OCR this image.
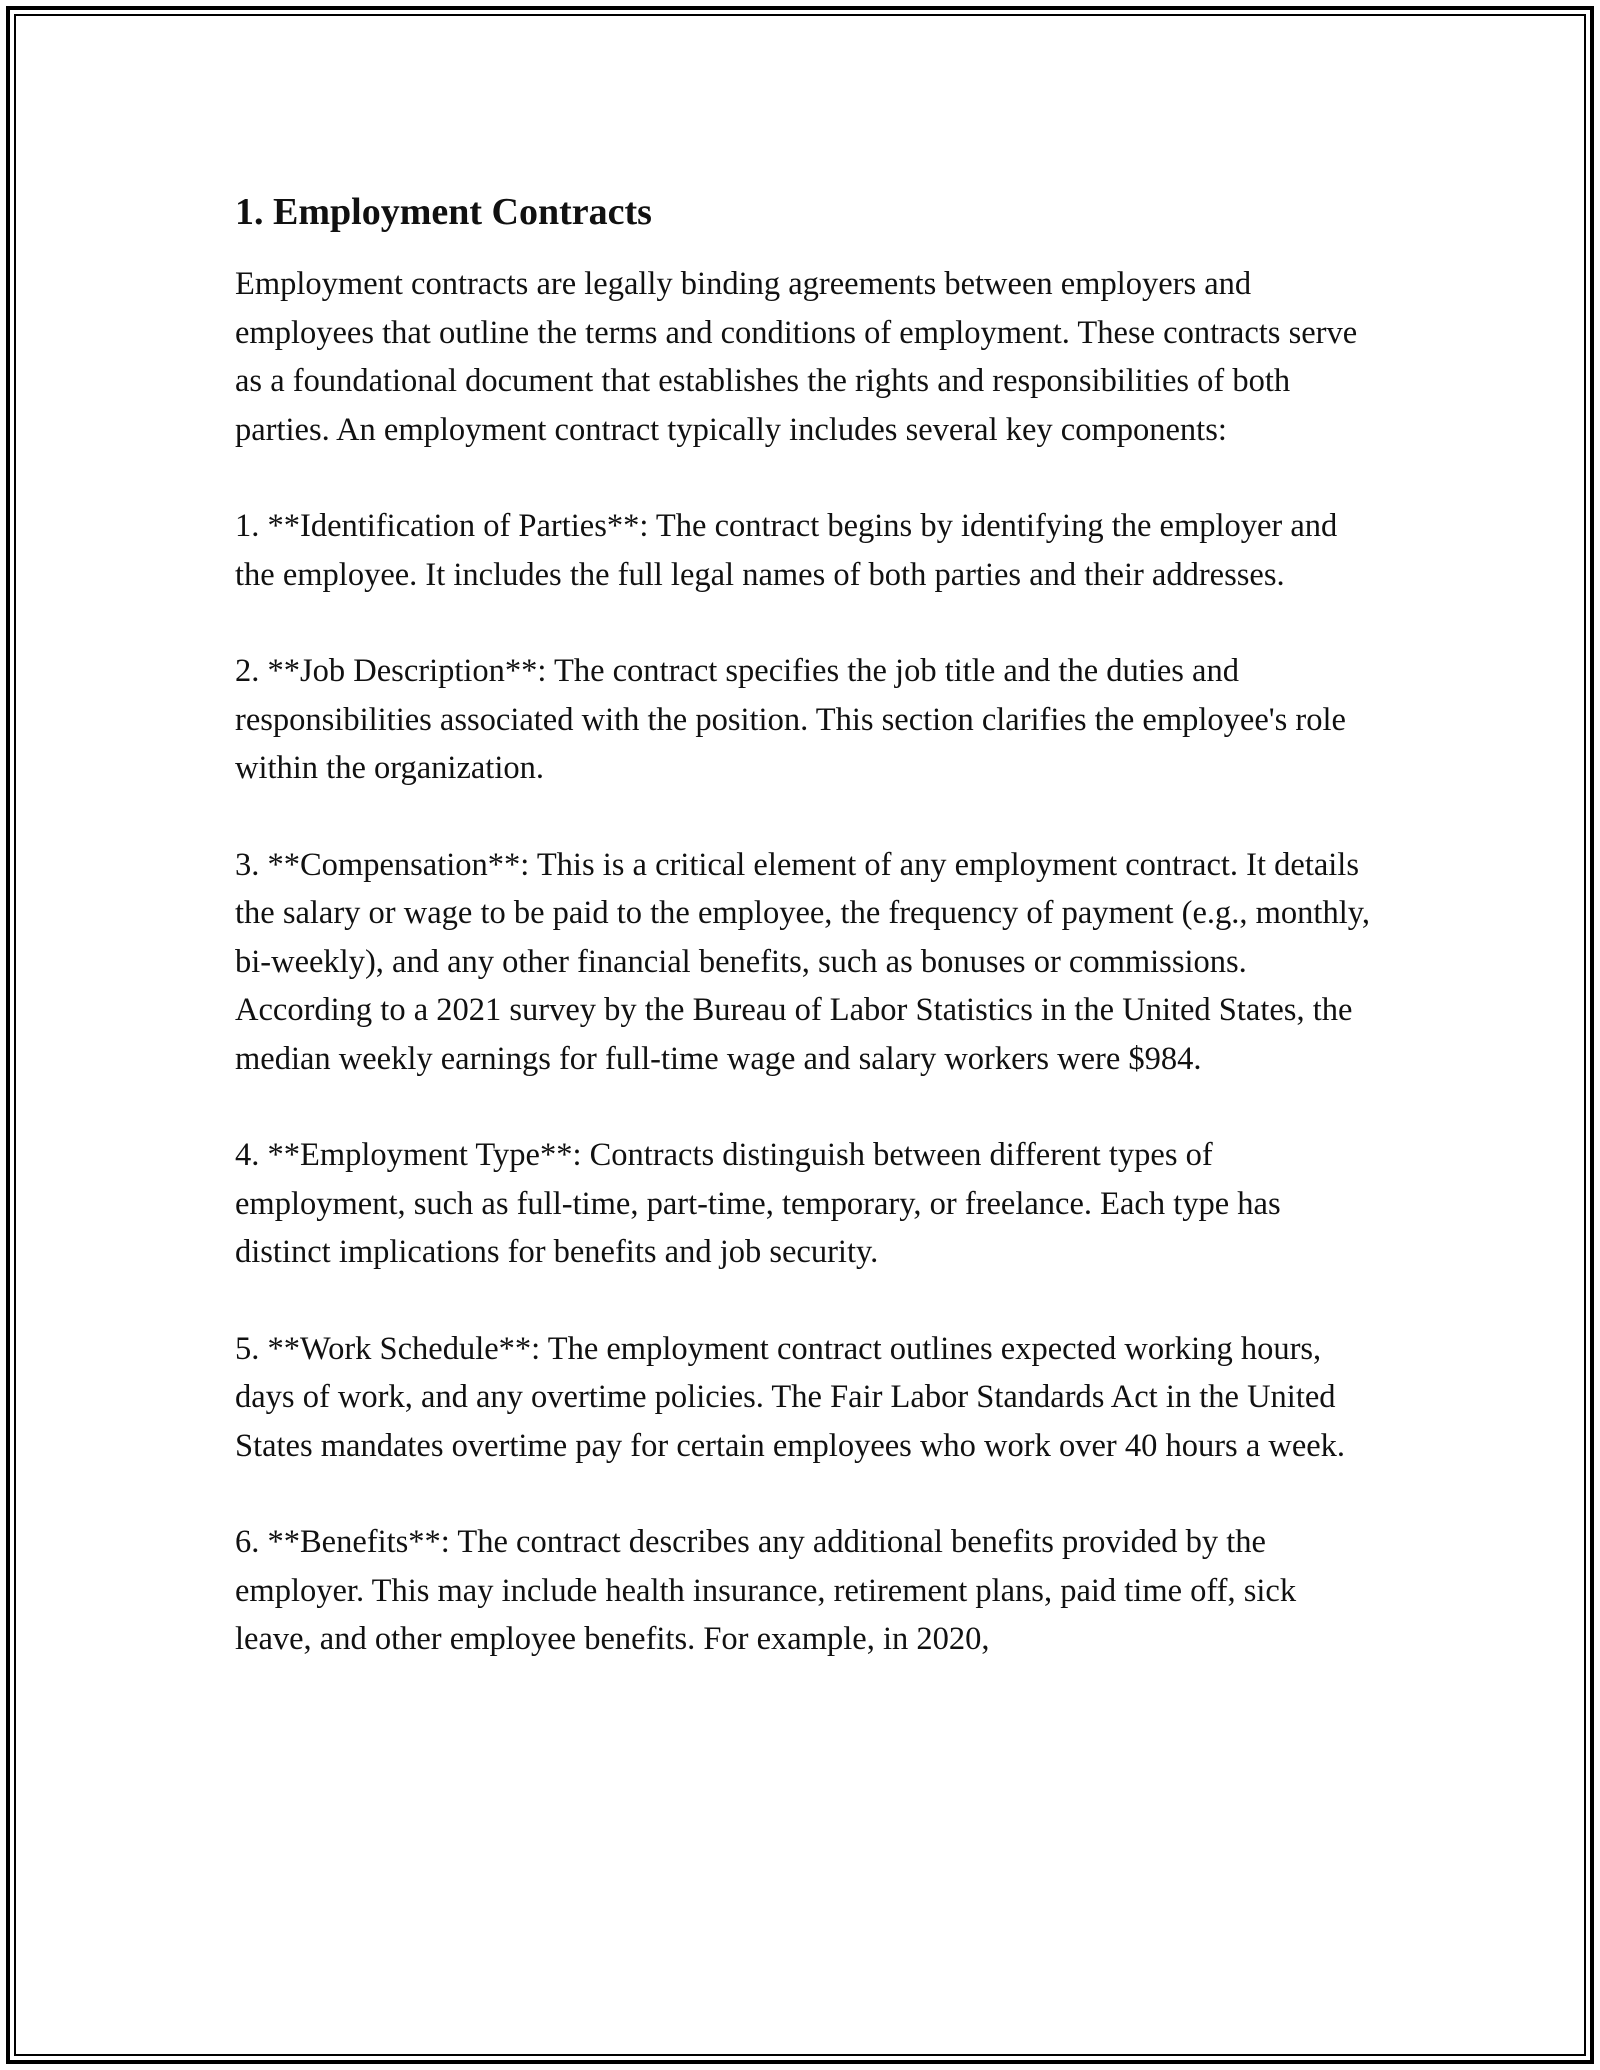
1. Employment Contracts

Employment contracts are legally binding agreements between employers and employees that outline the terms and conditions of employment. These contracts serve as a foundational document that establishes the rights and responsibilities of both parties. An employment contract typically includes several key components:

1. **Identification of Parties**: The contract begins by identifying the employer and the employee. It includes the full legal names of both parties and their addresses.

2. **Job Description**: The contract specifies the job title and the duties and responsibilities associated with the position. This section clarifies the employee's role within the organization.

3. **Compensation**: This is a critical element of any employment contract. It details the salary or wage to be paid to the employee, the frequency of payment (e.g., monthly, bi-weekly), and any other financial benefits, such as bonuses or commissions. According to a 2021 survey by the Bureau of Labor Statistics in the United States, the median weekly earnings for full-time wage and salary workers were $984.

4. **Employment Type**: Contracts distinguish between different types of employment, such as full-time, part-time, temporary, or freelance. Each type has distinct implications for benefits and job security.

5. **Work Schedule**: The employment contract outlines expected working hours, days of work, and any overtime policies. The Fair Labor Standards Act in the United States mandates overtime pay for certain employees who work over 40 hours a week.

6. **Benefits**: The contract describes any additional benefits provided by the employer. This may include health insurance, retirement plans, paid time off, sick leave, and other employee benefits. For example, in 2020,
